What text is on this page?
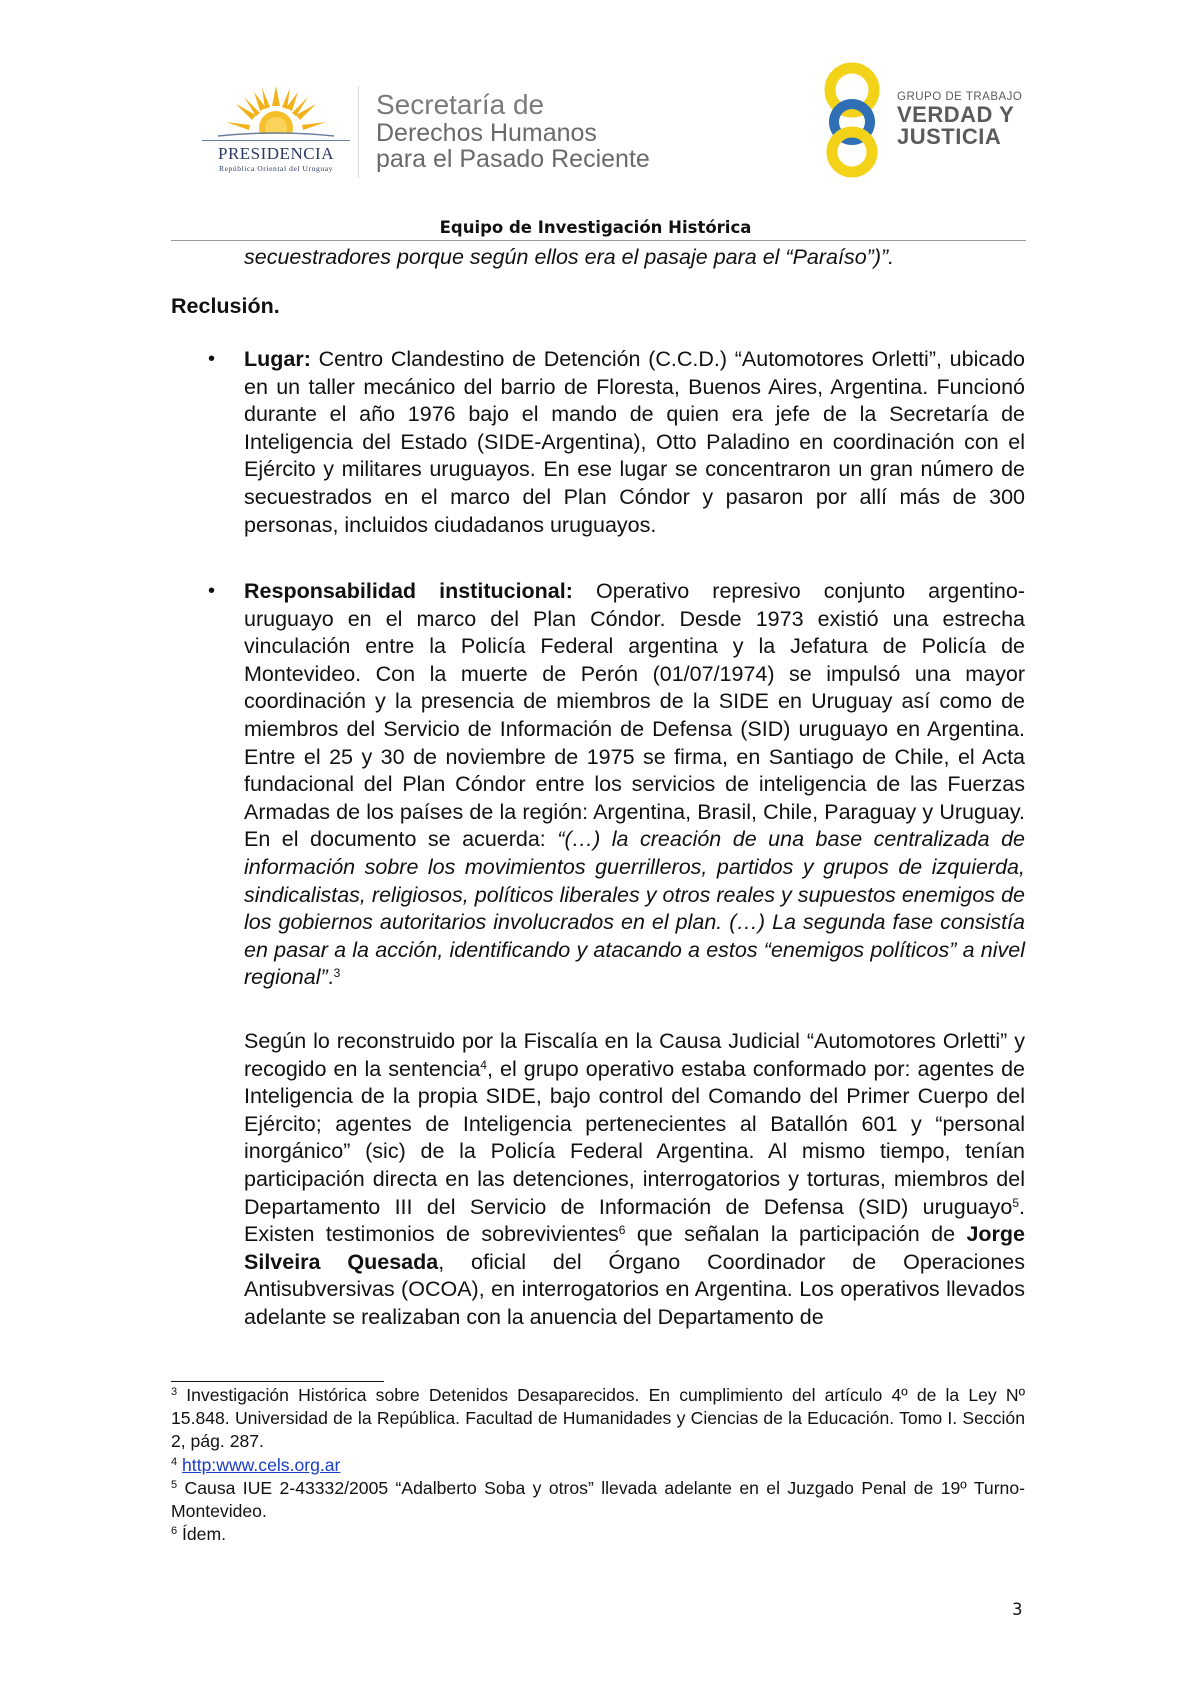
PRESIDENCIA
República Oriental del Uruguay
Secretaría de
Derechos Humanos
para el Pasado Reciente
GRUPO DE TRABAJO
VERDAD Y
JUSTICIA
Equipo de Investigación Histórica
secuestradores porque según ellos era el pasaje para el “Paraíso”)”.
Reclusión.
• Lugar: Centro Clandestino de Detención (C.C.D.) “Automotores Orletti”, ubicado en un taller mecánico del barrio de Floresta, Buenos Aires, Argentina. Funcionó durante el año 1976 bajo el mando de quien era jefe de la Secretaría de Inteligencia del Estado (SIDE-Argentina), Otto Paladino en coordinación con el Ejército y militares uruguayos. En ese lugar se concentraron un gran número de secuestrados en el marco del Plan Cóndor y pasaron por allí más de 300 personas, incluidos ciudadanos uruguayos.
• Responsabilidad institucional: Operativo represivo conjunto argentino-uruguayo en el marco del Plan Cóndor. Desde 1973 existió una estrecha vinculación entre la Policía Federal argentina y la Jefatura de Policía de Montevideo. Con la muerte de Perón (01/07/1974) se impulsó una mayor coordinación y la presencia de miembros de la SIDE en Uruguay así como de miembros del Servicio de Información de Defensa (SID) uruguayo en Argentina. Entre el 25 y 30 de noviembre de 1975 se firma, en Santiago de Chile, el Acta fundacional del Plan Cóndor entre los servicios de inteligencia de las Fuerzas Armadas de los países de la región: Argentina, Brasil, Chile, Paraguay y Uruguay. En el documento se acuerda: “(…) la creación de una base centralizada de información sobre los movimientos guerrilleros, partidos y grupos de izquierda, sindicalistas, religiosos, políticos liberales y otros reales y supuestos enemigos de los gobiernos autoritarios involucrados en el plan. (…) La segunda fase consistía en pasar a la acción, identificando y atacando a estos “enemigos políticos” a nivel regional”.$^3$
Según lo reconstruido por la Fiscalía en la Causa Judicial “Automotores Orletti” y recogido en la sentencia$^4$, el grupo operativo estaba conformado por: agentes de Inteligencia de la propia SIDE, bajo control del Comando del Primer Cuerpo del Ejército; agentes de Inteligencia pertenecientes al Batallón 601 y “personal inorgánico” (sic) de la Policía Federal Argentina. Al mismo tiempo, tenían participación directa en las detenciones, interrogatorios y torturas, miembros del Departamento III del Servicio de Información de Defensa (SID) uruguayo$^5$. Existen testimonios de sobrevivientes$^6$ que señalan la participación de Jorge Silveira Quesada, oficial del Órgano Coordinador de Operaciones Antisubversivas (OCOA), en interrogatorios en Argentina. Los operativos llevados adelante se realizaban con la anuencia del Departamento de
$^3$ Investigación Histórica sobre Detenidos Desaparecidos. En cumplimiento del artículo 4º de la Ley Nº 15.848. Universidad de la República. Facultad de Humanidades y Ciencias de la Educación. Tomo I. Sección 2, pág. 287.
$^4$ http:www.cels.org.ar
$^5$ Causa IUE 2-43332/2005 “Adalberto Soba y otros” llevada adelante en el Juzgado Penal de 19º Turno-Montevideo.
$^6$ Ídem.
3
